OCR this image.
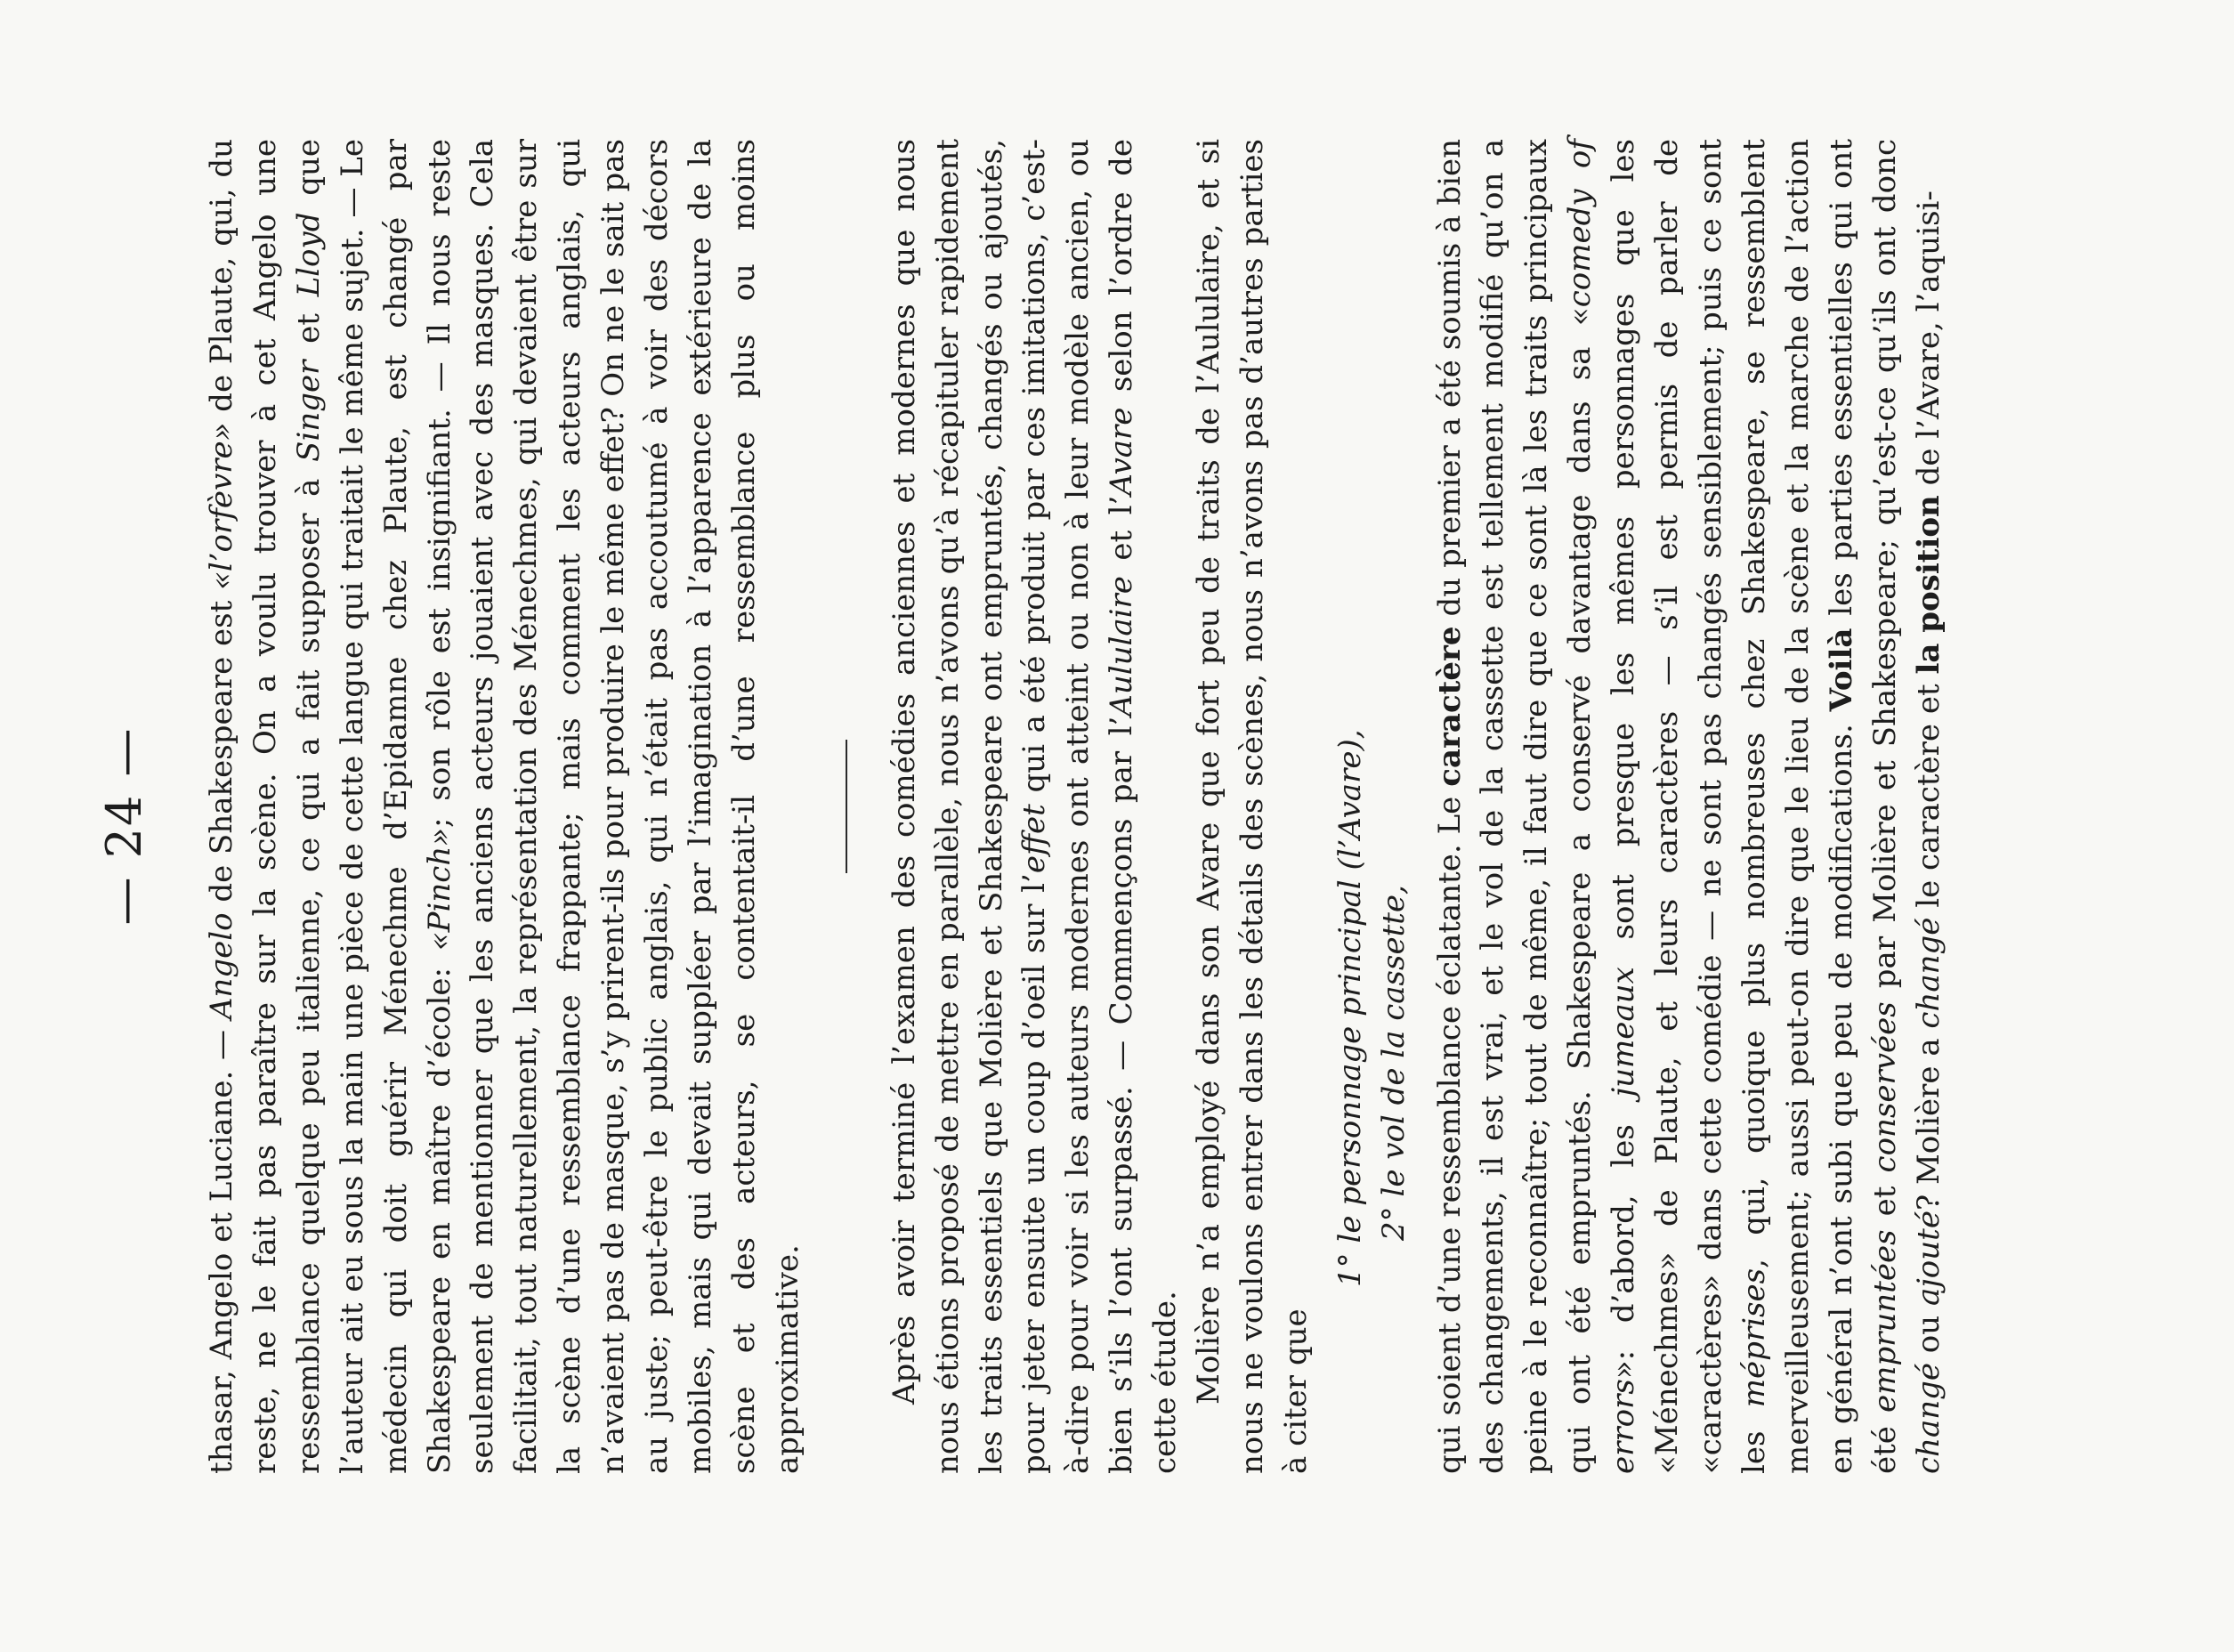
— 24 —

thasar, Angelo et Luciane. — Angelo de Shakespeare est «l’orfèvre» de Plaute, qui, du reste, ne le fait pas paraître sur la scène. On a voulu trouver à cet Angelo une ressemblance quelque peu italienne, ce qui a fait supposer à Singer et Lloyd que l’auteur ait eu sous la main une pièce de cette langue qui traitait le même sujet. — Le médecin qui doit guérir Ménechme d’Epidamne chez Plaute, est changé par Shakespeare en maître d’école: «Pinch»; son rôle est insignifiant. — Il nous reste seulement de mentionner que les anciens acteurs jouaient avec des masques. Cela facilitait, tout naturellement, la représentation des Ménechmes, qui devaient être sur la scène d’une ressemblance frappante; mais comment les acteurs anglais, qui n’avaient pas de masque, s’y prirent-ils pour produire le même effet? On ne le sait pas au juste; peut-être le public anglais, qui n’était pas accoutumé à voir des décors mobiles, mais qui devait suppléer par l’imagination à l’apparence extérieure de la scène et des acteurs, se contentait-il d’une ressemblance plus ou moins approximative.	Après avoir terminé l’examen des comédies anciennes et modernes que nous nous étions proposé de mettre en parallèle, nous n’avons qu’à récapituler rapidement les traits essentiels que Molière et Shakespeare ont empruntés, changés ou ajoutés, pour jeter ensuite un coup d’oeil sur l’effet qui a été produit par ces imitations, c’est-à-dire pour voir si les auteurs modernes ont atteint ou non à leur modèle ancien, ou bien s’ils l’ont surpassé. — Commençons par l’Aululaire et l’Avare selon l’ordre de cette étude. Molière n’a employé dans son Avare que fort peu de traits de l’Aululaire, et si nous ne voulons entrer dans les détails des scènes, nous n’avons pas d’autres parties à citer que

1° le personnage principal (l’Avare), 2° le vol de la cassette, qui soient d’une ressemblance éclatante. Le caractère du premier a été soumis à bien des changements, il est vrai, et le vol de la cassette est tellement modifié qu’on a peine à le reconnaître; tout de même, il faut dire que ce sont là les traits principaux qui ont été empruntés. Shakespeare a conservé davantage dans sa «comedy of errors»: d’abord, les jumeaux sont presque les mêmes personnages que les «Ménechmes» de Plaute, et leurs caractères — s’il est permis de parler de «caractères» dans cette comédie — ne sont pas changés sensiblement; puis ce sont les méprises, qui, quoique plus nombreuses chez Shakespeare, se ressemblent merveilleusement; aussi peut-on dire que le lieu de la scène et la marche de l’action en général n’ont subi que peu de modifications. Voilà les parties essentielles qui ont été empruntées et conservées par Molière et Shakespeare; qu’est-ce qu’ils ont donc changé ou ajouté? Molière a changé le caractère et la position de l’Avare, l’aquisi-
